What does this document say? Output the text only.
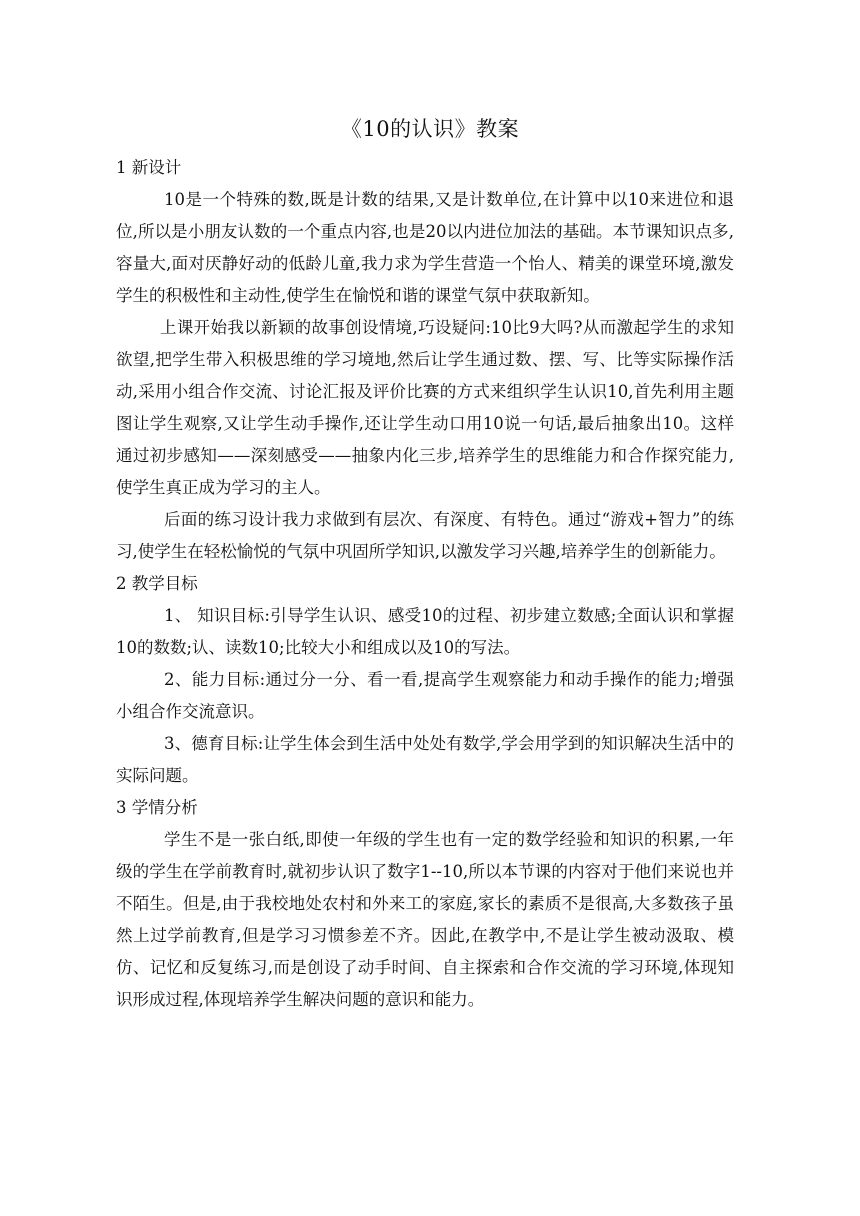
《10的认识》教案

1 新设计

10是一个特殊的数,既是计数的结果,又是计数单位,在计算中以10来进位和退位,所以是小朋友认数的一个重点内容,也是20以内进位加法的基础。本节课知识点多,容量大,面对厌静好动的低龄儿童,我力求为学生营造一个怡人、精美的课堂环境,激发学生的积极性和主动性,使学生在愉悦和谐的课堂气氛中获取新知。

上课开始我以新颖的故事创设情境,巧设疑问:10比9大吗?从而激起学生的求知欲望,把学生带入积极思维的学习境地,然后让学生通过数、摆、写、比等实际操作活动,采用小组合作交流、讨论汇报及评价比赛的方式来组织学生认识10,首先利用主题图让学生观察,又让学生动手操作,还让学生动口用10说一句话,最后抽象出10。这样通过初步感知——深刻感受——抽象内化三步,培养学生的思维能力和合作探究能力,使学生真正成为学习的主人。

后面的练习设计我力求做到有层次、有深度、有特色。通过“游戏+智力”的练习,使学生在轻松愉悦的气氛中巩固所学知识,以激发学习兴趣,培养学生的创新能力。

2 教学目标

1、 知识目标:引导学生认识、感受10的过程、初步建立数感;全面认识和掌握10的数数;认、读数10;比较大小和组成以及10的写法。

2、能力目标:通过分一分、看一看,提高学生观察能力和动手操作的能力;增强小组合作交流意识。

3、德育目标:让学生体会到生活中处处有数学,学会用学到的知识解决生活中的实际问题。

3 学情分析

学生不是一张白纸,即使一年级的学生也有一定的数学经验和知识的积累,一年级的学生在学前教育时,就初步认识了数字1--10,所以本节课的内容对于他们来说也并不陌生。但是,由于我校地处农村和外来工的家庭,家长的素质不是很高,大多数孩子虽然上过学前教育,但是学习习惯参差不齐。因此,在教学中,不是让学生被动汲取、模仿、记忆和反复练习,而是创设了动手时间、自主探索和合作交流的学习环境,体现知识形成过程,体现培养学生解决问题的意识和能力。
